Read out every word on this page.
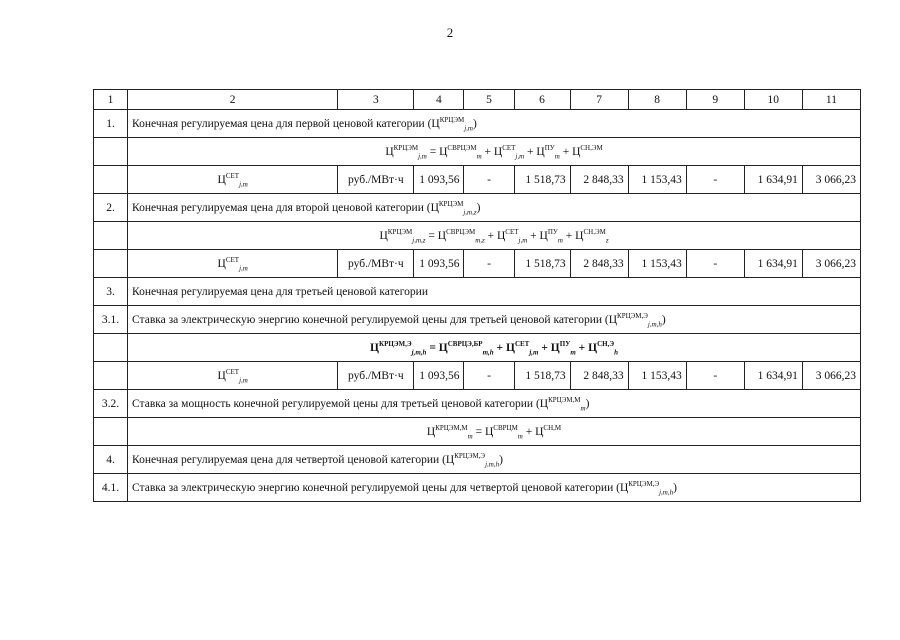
2
1	2	3	4	5	6	7	8	9	10	11
1.	Конечная регулируемая цена для первой ценовой категории $(Ц^{КРЦЭМ}_{j,m})$									
	$Ц^{КРЦЭМ}_{j,m} = Ц^{СВРЦЭМ}_m + Ц^{СЕТ}_{j,m} + Ц^{ПУ}_m + Ц^{СН,ЭМ}$
	$Ц^{СЕТ}_{j,m}$	руб./МВт·ч	1 093,56	-	1 518,73	2 848,33	1 153,43	-	1 634,91	3 066,23
2.	Конечная регулируемая цена для второй ценовой категории $(Ц^{КРЦЭМ}_{j,m,z})$									
	$Ц^{КРЦЭМ}_{j,m,z} = Ц^{СВРЦЭМ}_{m,z} + Ц^{СЕТ}_{j,m} + Ц^{ПУ}_m + Ц^{СН,ЭМ}_z$
	$Ц^{СЕТ}_{j,m}$	руб./МВт·ч	1 093,56	-	1 518,73	2 848,33	1 153,43	-	1 634,91	3 066,23
3.	Конечная регулируемая цена для третьей ценовой категории									
3.1.	Ставка за электрическую энергию конечной регулируемой цены для третьей ценовой категории $(Ц^{КРЦЭМ,Э}_{j,m,h})$									
	$Ц^{КРЦЭМ,Э}_{j,m,h} = Ц^{СВРЦЭ,БР}_{m,h} + Ц^{СЕТ}_{j,m} + Ц^{ПУ}_m + Ц^{СН,Э}_h$
	$Ц^{СЕТ}_{j,m}$	руб./МВт·ч	1 093,56	-	1 518,73	2 848,33	1 153,43	-	1 634,91	3 066,23
3.2.	Ставка за мощность конечной регулируемой цены для третьей ценовой категории $(Ц^{КРЦЭМ,М}_m)$									
	$Ц^{КРЦЭМ,М}_m = Ц^{СВРЦМ}_m + Ц^{СН,М}$
4.	Конечная регулируемая цена для четвертой ценовой категории $(Ц^{КРЦЭМ,Э}_{j,m,h})$									
4.1.	Ставка за электрическую энергию конечной регулируемой цены для четвертой ценовой категории $(Ц^{КРЦЭМ,Э}_{j,m,h})$									
